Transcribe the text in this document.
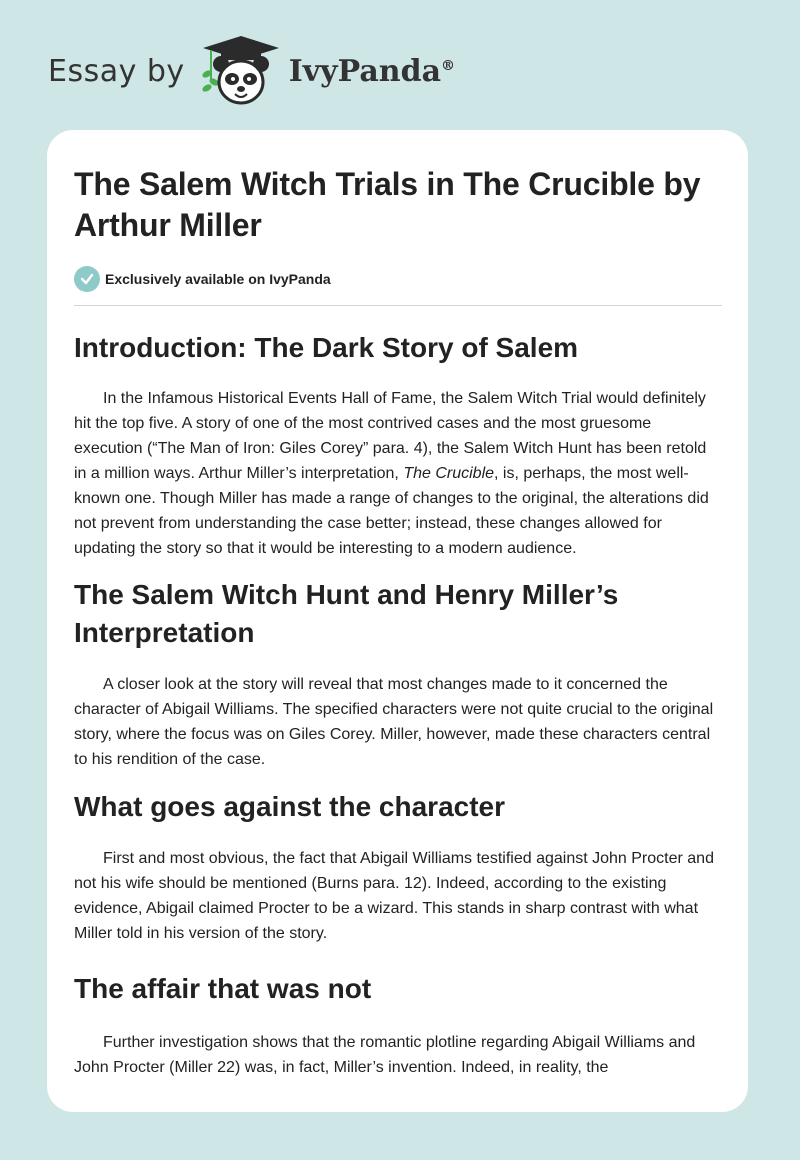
Essay by	IvyPanda®
The Salem Witch Trials in The Crucible by Arthur Miller
Exclusively available on IvyPanda
Introduction: The Dark Story of Salem

In the Infamous Historical Events Hall of Fame, the Salem Witch Trial would definitely hit the top five. A story of one of the most contrived cases and the most gruesome execution (“The Man of Iron: Giles Corey” para. 4), the Salem Witch Hunt has been retold in a million ways. Arthur Miller’s interpretation, The Crucible, is, perhaps, the most well-known one. Though Miller has made a range of changes to the original, the alterations did not prevent from understanding the case better; instead, these changes allowed for updating the story so that it would be interesting to a modern audience.

The Salem Witch Hunt and Henry Miller’s Interpretation

A closer look at the story will reveal that most changes made to it concerned the character of Abigail Williams. The specified characters were not quite crucial to the original story, where the focus was on Giles Corey. Miller, however, made these characters central to his rendition of the case.

What goes against the character

First and most obvious, the fact that Abigail Williams testified against John Procter and not his wife should be mentioned (Burns para. 12). Indeed, according to the existing evidence, Abigail claimed Procter to be a wizard. This stands in sharp contrast with what Miller told in his version of the story.

The affair that was not

Further investigation shows that the romantic plotline regarding Abigail Williams and John Procter (Miller 22) was, in fact, Miller’s invention. Indeed, in reality, the
